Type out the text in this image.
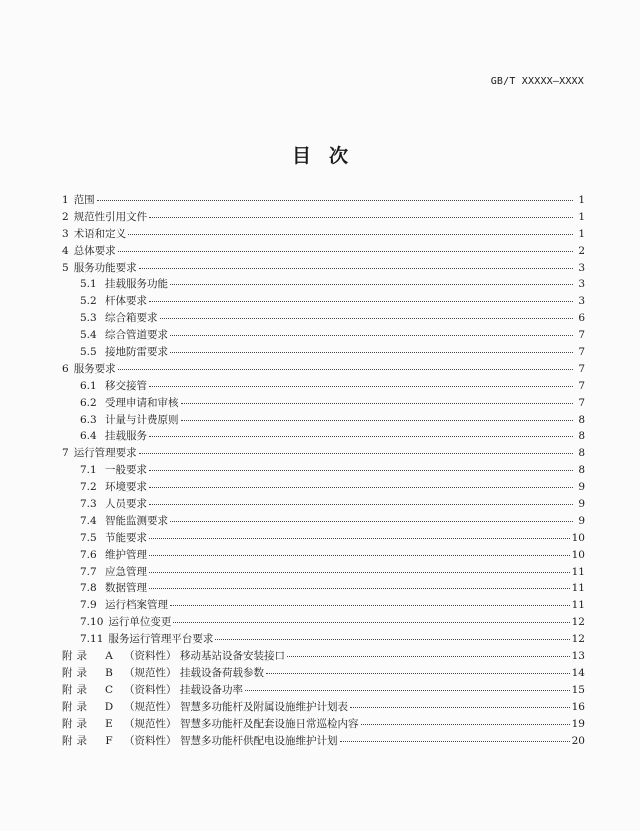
GB/T XXXXX—XXXX
目次
1 范围	1
2 规范性引用文件	1
3 术语和定义	1
4 总体要求	2
5 服务功能要求	3
5.1 挂载服务功能	3
5.2 杆体要求	3
5.3 综合箱要求	6
5.4 综合管道要求	7
5.5 接地防雷要求	7
6 服务要求	7
6.1 移交接管	7
6.2 受理申请和审核	7
6.3 计量与计费原则	8
6.4 挂载服务	8
7 运行管理要求	8
7.1 一般要求	8
7.2 环境要求	9
7.3 人员要求	9
7.4 智能监测要求	9
7.5 节能要求	10
7.6 维护管理	10
7.7 应急管理	11
7.8 数据管理	11
7.9 运行档案管理	11
7.10 运行单位变更	12
7.11 服务运行管理平台要求	12
附录	A	（资料性） 移动基站设备安装接口	13
附录	B	（规范性） 挂载设备荷载参数	14
附录	C	（资料性） 挂载设备功率	15
附录	D	（规范性） 智慧多功能杆及附属设施维护计划表	16
附录	E	（规范性） 智慧多功能杆及配套设施日常巡检内容	19
附录	F	（资料性） 智慧多功能杆供配电设施维护计划	20
